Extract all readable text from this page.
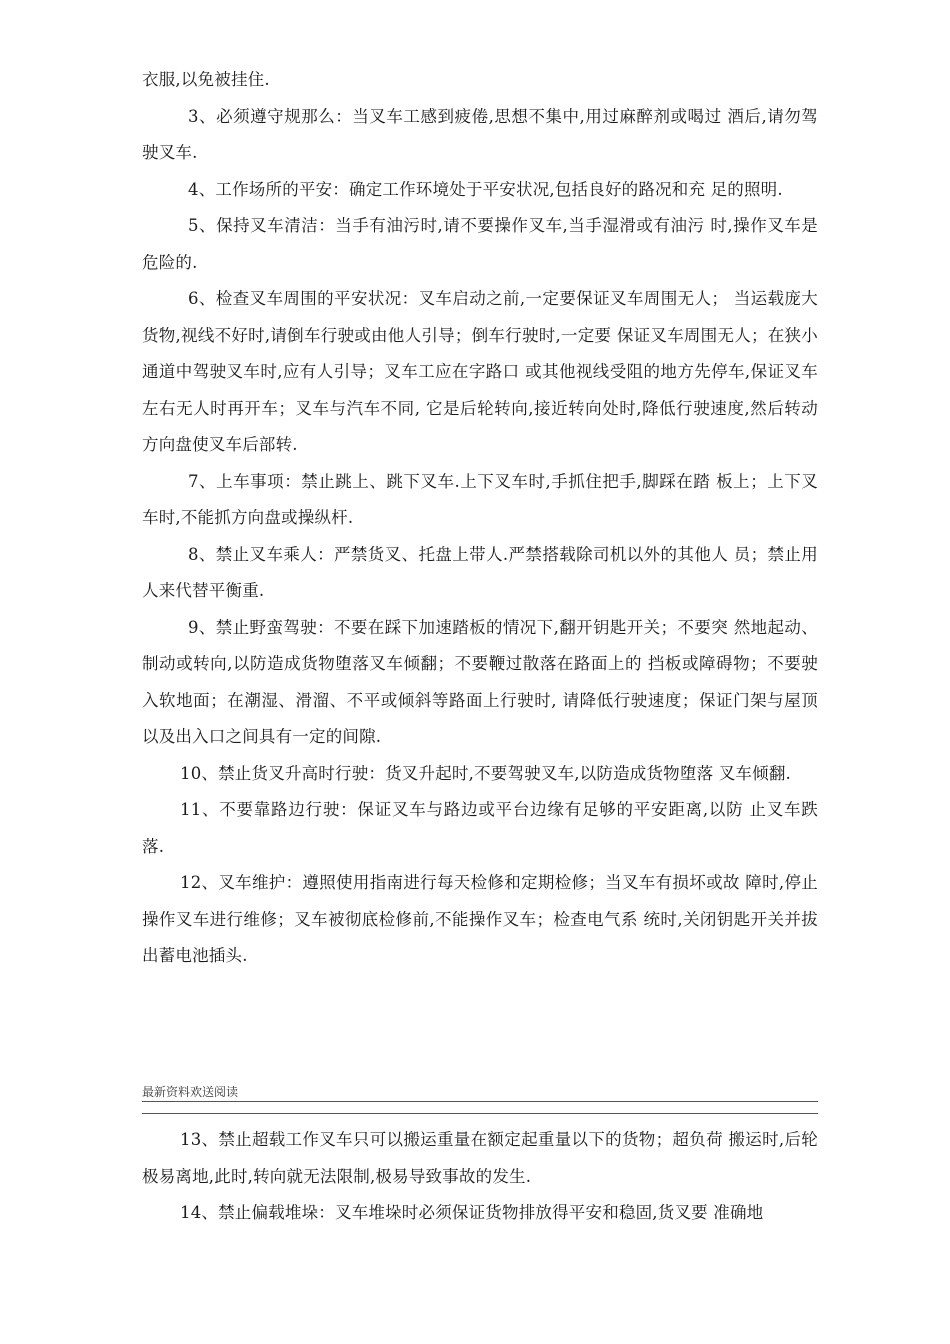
衣服,以免被挂住.

3、必须遵守规那么：当叉车工感到疲倦,思想不集中,用过麻醉剂或喝过 酒后,请勿驾驶叉车.

4、工作场所的平安：确定工作环境处于平安状况,包括良好的路况和充 足的照明.

5、保持叉车清洁：当手有油污时,请不要操作叉车,当手湿滑或有油污 时,操作叉车是危险的.

6、检查叉车周围的平安状况：叉车启动之前,一定要保证叉车周围无人； 当运载庞大货物,视线不好时,请倒车行驶或由他人引导；倒车行驶时,一定要 保证叉车周围无人；在狭小通道中驾驶叉车时,应有人引导；叉车工应在字路口 或其他视线受阻的地方先停车,保证叉车左右无人时再开车；叉车与汽车不同, 它是后轮转向,接近转向处时,降低行驶速度,然后转动方向盘使叉车后部转.

7、上车事项：禁止跳上、跳下叉车.上下叉车时,手抓住把手,脚踩在踏 板上；上下叉车时,不能抓方向盘或操纵杆.

8、禁止叉车乘人：严禁货叉、托盘上带人.严禁搭载除司机以外的其他人 员；禁止用人来代替平衡重.

9、禁止野蛮驾驶：不要在踩下加速踏板的情况下,翻开钥匙开关；不要突 然地起动、制动或转向,以防造成货物堕落叉车倾翻；不要鞭过散落在路面上的 挡板或障碍物；不要驶入软地面；在潮湿、滑溜、不平或倾斜等路面上行驶时, 请降低行驶速度；保证门架与屋顶以及出入口之间具有一定的间隙.

10、禁止货叉升高时行驶：货叉升起时,不要驾驶叉车,以防造成货物堕落 叉车倾翻.

11、不要靠路边行驶：保证叉车与路边或平台边缘有足够的平安距离,以防 止叉车跌落.

12、叉车维护：遵照使用指南进行每天检修和定期检修；当叉车有损坏或故 障时,停止操作叉车进行维修；叉车被彻底检修前,不能操作叉车；检查电气系 统时,关闭钥匙开关并拔出蓄电池插头.

最新资料欢送阅读

13、禁止超载工作叉车只可以搬运重量在额定起重量以下的货物；超负荷 搬运时,后轮极易离地,此时,转向就无法限制,极易导致事故的发生.

14、禁止偏载堆垛：叉车堆垛时必须保证货物排放得平安和稳固,货叉要 准确地
